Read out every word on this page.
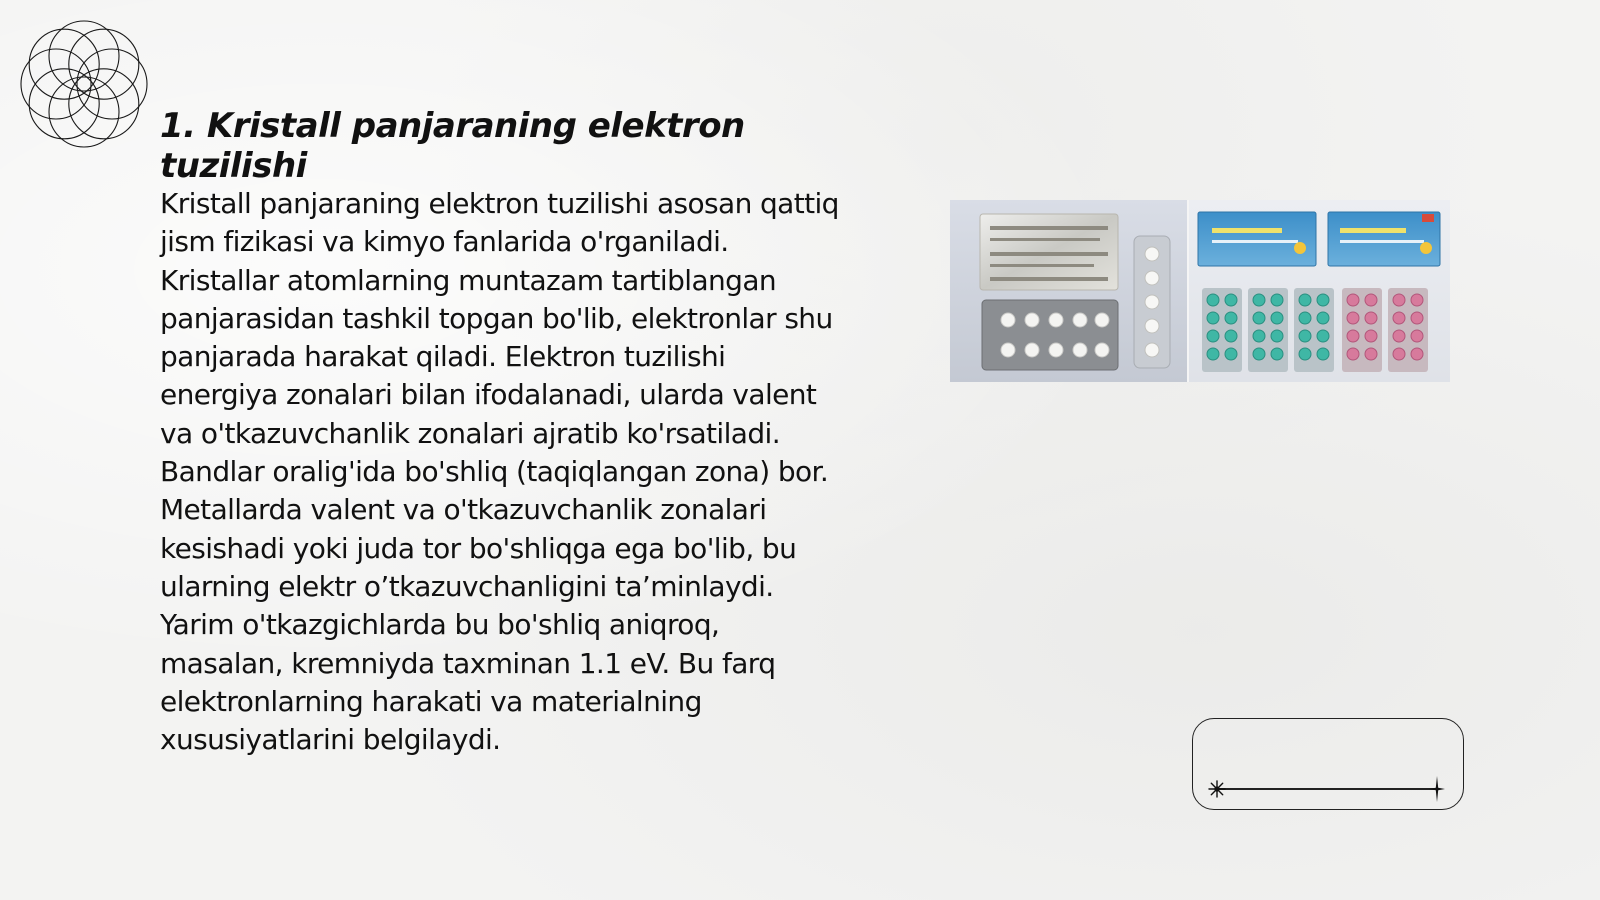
1. Kristall panjaraning elektron tuzilishi

Kristall panjaraning elektron tuzilishi asosan qattiq jism fizikasi va kimyo fanlarida o'rganiladi. Kristallar atomlarning muntazam tartiblangan panjarasidan tashkil topgan bo'lib, elektronlar shu panjarada harakat qiladi. Elektron tuzilishi energiya zonalari bilan ifodalanadi, ularda valent va o'tkazuvchanlik zonalari ajratib ko'rsatiladi. Bandlar oralig'ida bo'shliq (taqiqlangan zona) bor. Metallarda valent va o'tkazuvchanlik zonalari kesishadi yoki juda tor bo'shliqga ega bo'lib, bu ularning elektr o’tkazuvchanligini ta’minlaydi. Yarim o'tkazgichlarda bu bo'shliq aniqroq, masalan, kremniyda taxminan 1.1 eV. Bu farq elektronlarning harakati va materialning xususiyatlarini belgilaydi.
